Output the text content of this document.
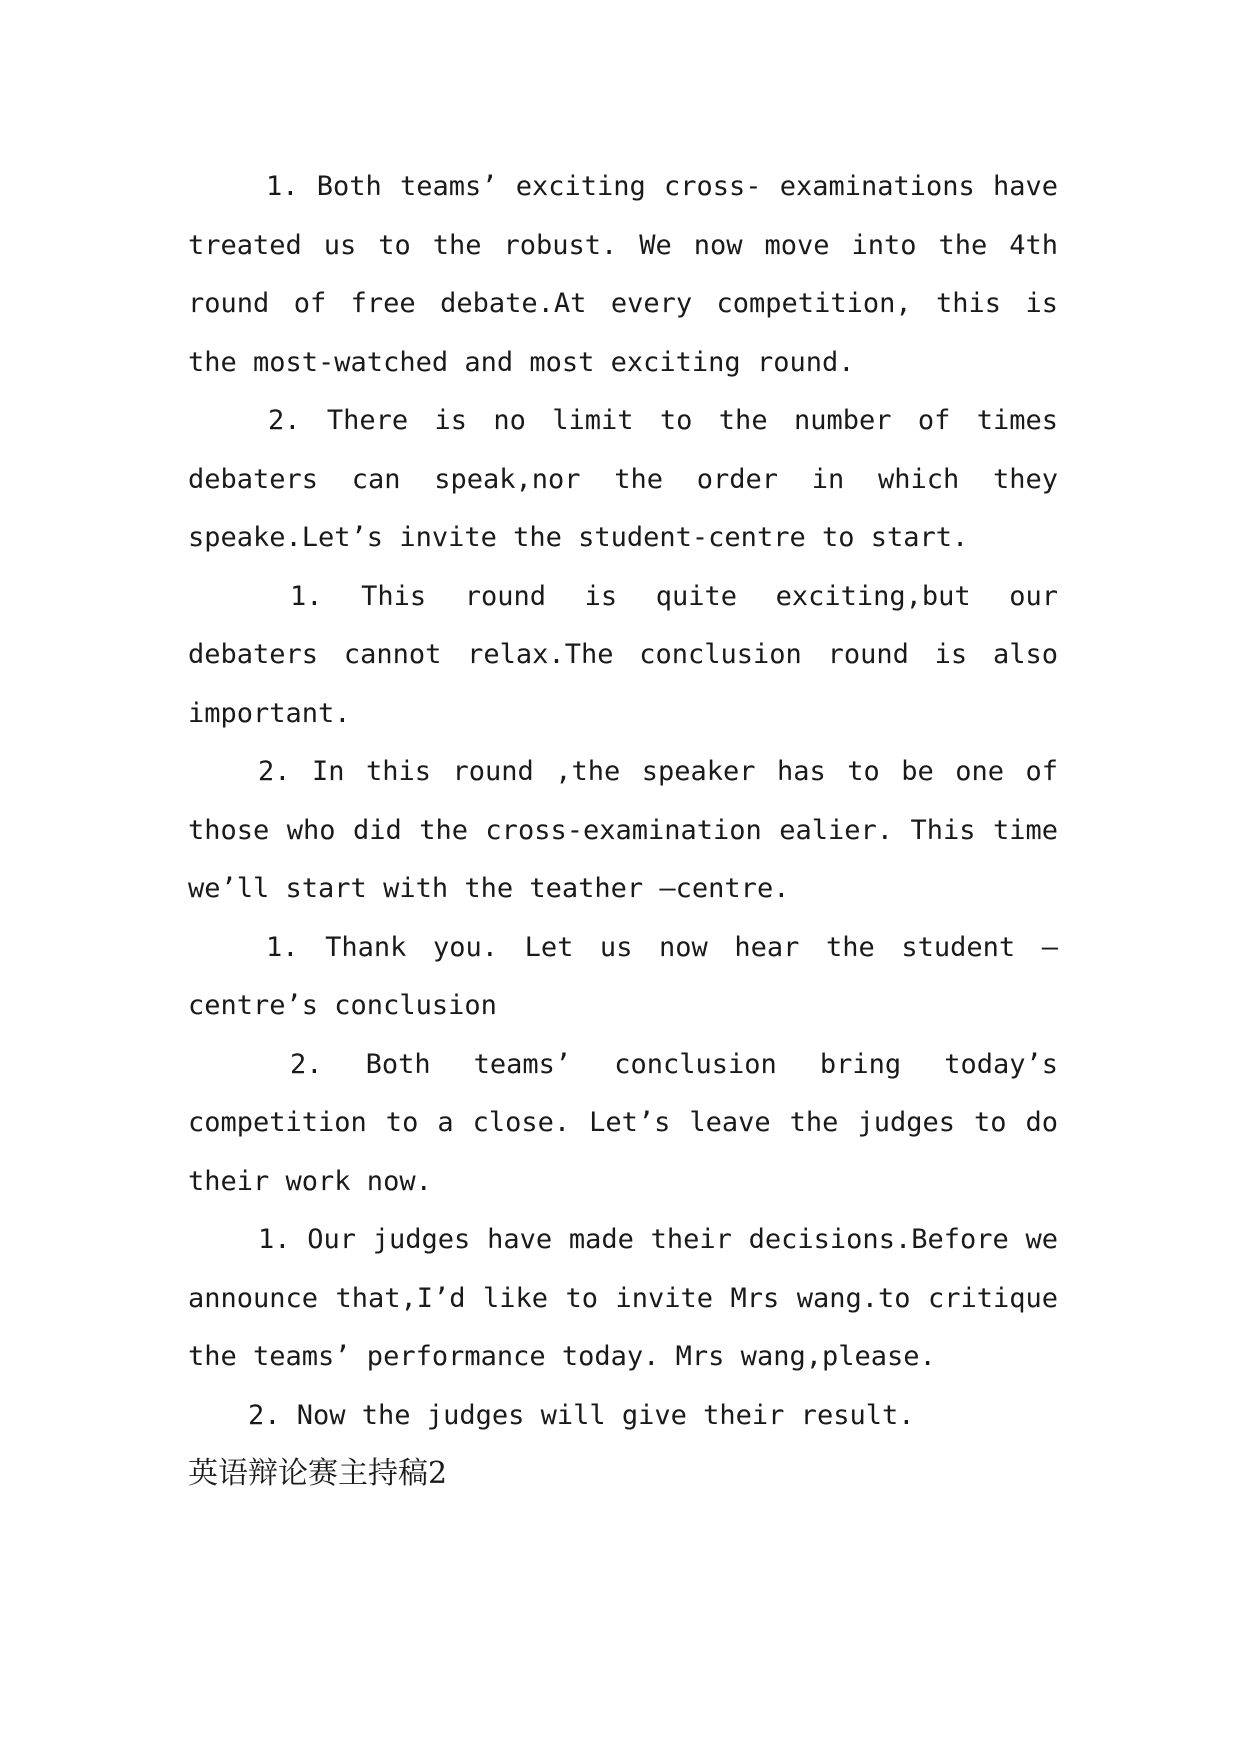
1. Both teams’ exciting cross- examinations have treated us to the robust. We now move into the 4th round of free debate.At every competition, this is the most-watched and most exciting round.

2. There is no limit to the number of times debaters can speak,nor the order in which they speake.Let’s invite the student-centre to start.

1. This round is quite exciting,but our debaters cannot relax.The conclusion round is also important.

2. In this round ,the speaker has to be one of those who did the cross-examination ealier. This time we’ll start with the teather –centre.

1. Thank you. Let us now hear the student –centre’s conclusion

2. Both teams’ conclusion bring today’s competition to a close. Let’s leave the judges to do their work now.

1. Our judges have made their decisions.Before we announce that,I’d like to invite Mrs wang.to critique the teams’ performance today. Mrs wang,please.

2. Now the judges will give their result.

英语辩论赛主持稿2
